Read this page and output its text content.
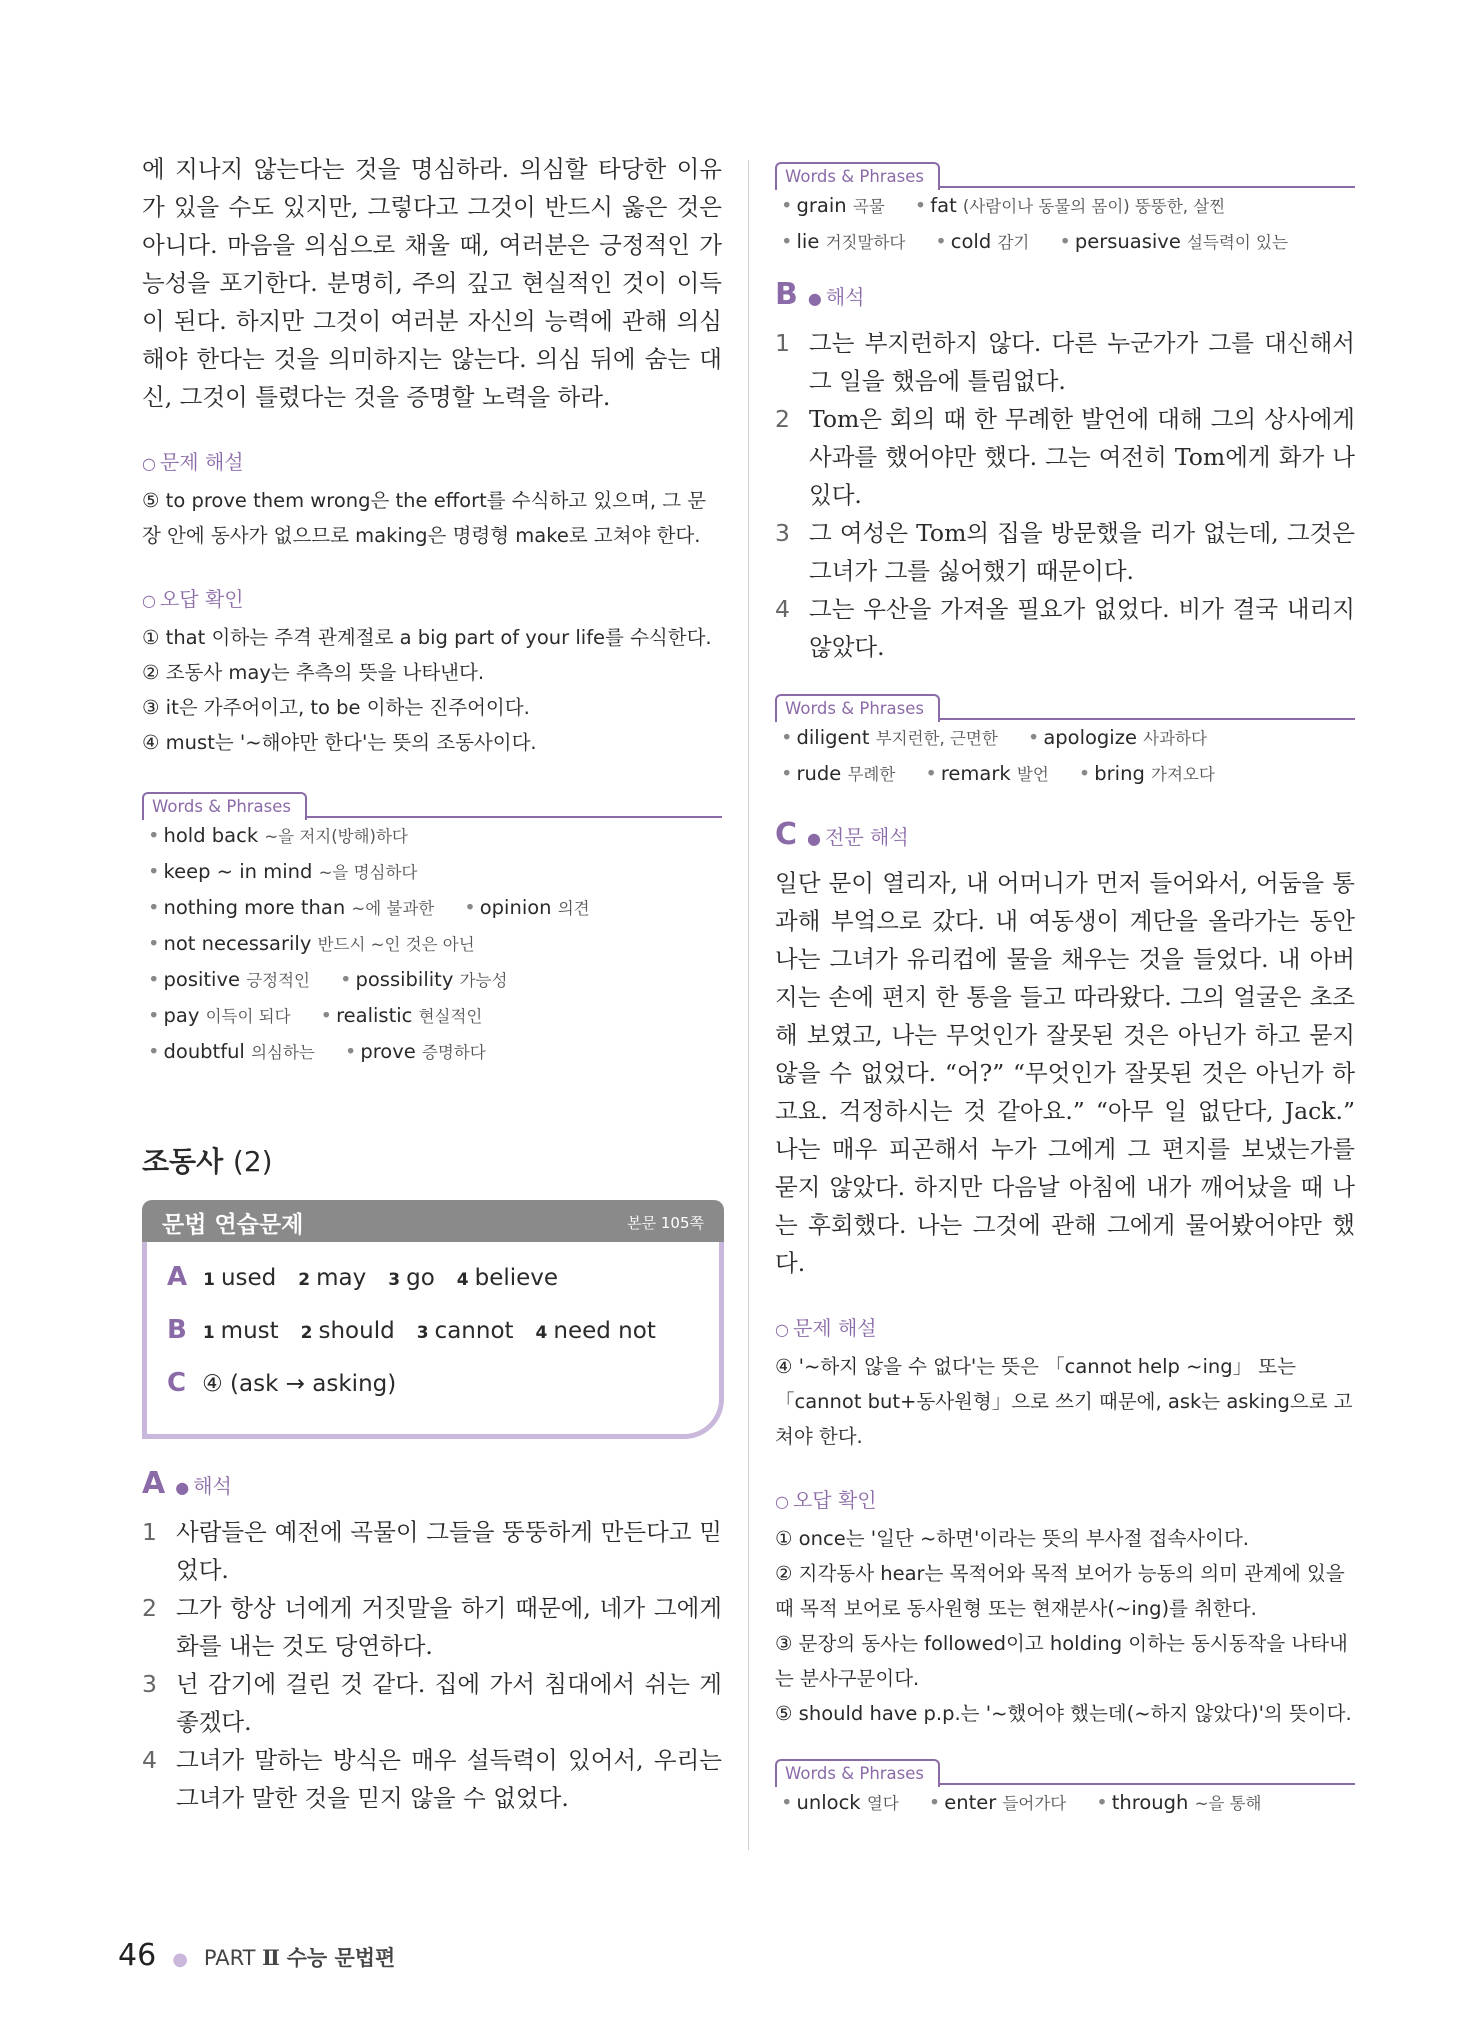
에 지나지 않는다는 것을 명심하라. 의심할 타당한 이유가 있을 수도 있지만, 그렇다고 그것이 반드시 옳은 것은 아니다. 마음을 의심으로 채울 때, 여러분은 긍정적인 가능성을 포기한다. 분명히, 주의 깊고 현실적인 것이 이득이 된다. 하지만 그것이 여러분 자신의 능력에 관해 의심해야 한다는 것을 의미하지는 않는다. 의심 뒤에 숨는 대신, 그것이 틀렸다는 것을 증명할 노력을 하라.

○ 문제 해설

⑤ to prove them wrong은 the effort를 수식하고 있으며, 그 문장 안에 동사가 없으므로 making은 명령형 make로 고쳐야 한다.

○ 오답 확인
① that 이하는 주격 관계절로 a big part of your life를 수식한다.
② 조동사 may는 추측의 뜻을 나타낸다.
③ it은 가주어이고, to be 이하는 진주어이다.
④ must는 '~해야만 한다'는 뜻의 조동사이다.
Words & Phrases
• hold back ~을 저지(방해)하다
• keep ~ in mind ~을 명심하다
• nothing more than ~에 불과한 • opinion 의견
• not necessarily 반드시 ~인 것은 아닌
• positive 긍정적인 • possibility 가능성
• pay 이득이 되다 • realistic 현실적인
• doubtful 의심하는 • prove 증명하다
조동사 (2)
문법 연습문제	본문 105쪽
A 1 used 2 may 3 go 4 believe
B 1 must 2 should 3 cannot 4 need not
C ④ (ask → asking)
A ● 해석
1 사람들은 예전에 곡물이 그들을 뚱뚱하게 만든다고 믿었다.
2 그가 항상 너에게 거짓말을 하기 때문에, 네가 그에게 화를 내는 것도 당연하다.
3 넌 감기에 걸린 것 같다. 집에 가서 침대에서 쉬는 게 좋겠다.
4 그녀가 말하는 방식은 매우 설득력이 있어서, 우리는 그녀가 말한 것을 믿지 않을 수 없었다.
Words & Phrases
• grain 곡물 • fat (사람이나 동물의 몸이) 뚱뚱한, 살찐
• lie 거짓말하다 • cold 감기 • persuasive 설득력이 있는
B ● 해석
1 그는 부지런하지 않다. 다른 누군가가 그를 대신해서 그 일을 했음에 틀림없다.
2 Tom은 회의 때 한 무례한 발언에 대해 그의 상사에게 사과를 했어야만 했다. 그는 여전히 Tom에게 화가 나 있다.
3 그 여성은 Tom의 집을 방문했을 리가 없는데, 그것은 그녀가 그를 싫어했기 때문이다.
4 그는 우산을 가져올 필요가 없었다. 비가 결국 내리지 않았다.
Words & Phrases
• diligent 부지런한, 근면한 • apologize 사과하다
• rude 무례한 • remark 발언 • bring 가져오다
C ● 전문 해석

일단 문이 열리자, 내 어머니가 먼저 들어와서, 어둠을 통과해 부엌으로 갔다. 내 여동생이 계단을 올라가는 동안 나는 그녀가 유리컵에 물을 채우는 것을 들었다. 내 아버지는 손에 편지 한 통을 들고 따라왔다. 그의 얼굴은 초조해 보였고, 나는 무엇인가 잘못된 것은 아닌가 하고 묻지 않을 수 없었다. “어?” “무엇인가 잘못된 것은 아닌가 하고요. 걱정하시는 것 같아요.” “아무 일 없단다, Jack.” 나는 매우 피곤해서 누가 그에게 그 편지를 보냈는가를 묻지 않았다. 하지만 다음날 아침에 내가 깨어났을 때 나는 후회했다. 나는 그것에 관해 그에게 물어봤어야만 했다.

○ 문제 해설

④ '~하지 않을 수 없다'는 뜻은 「cannot help ~ing」 또는 「cannot but+동사원형」으로 쓰기 때문에, ask는 asking으로 고쳐야 한다.

○ 오답 확인
① once는 '일단 ~하면'이라는 뜻의 부사절 접속사이다.
② 지각동사 hear는 목적어와 목적 보어가 능동의 의미 관계에 있을 때 목적 보어로 동사원형 또는 현재분사(~ing)를 취한다.
③ 문장의 동사는 followed이고 holding 이하는 동시동작을 나타내는 분사구문이다.
⑤ should have p.p.는 '~했어야 했는데(~하지 않았다)'의 뜻이다.
Words & Phrases
• unlock 열다 • enter 들어가다 • through ~을 통해
46 ● PART Ⅱ 수능 문법편
